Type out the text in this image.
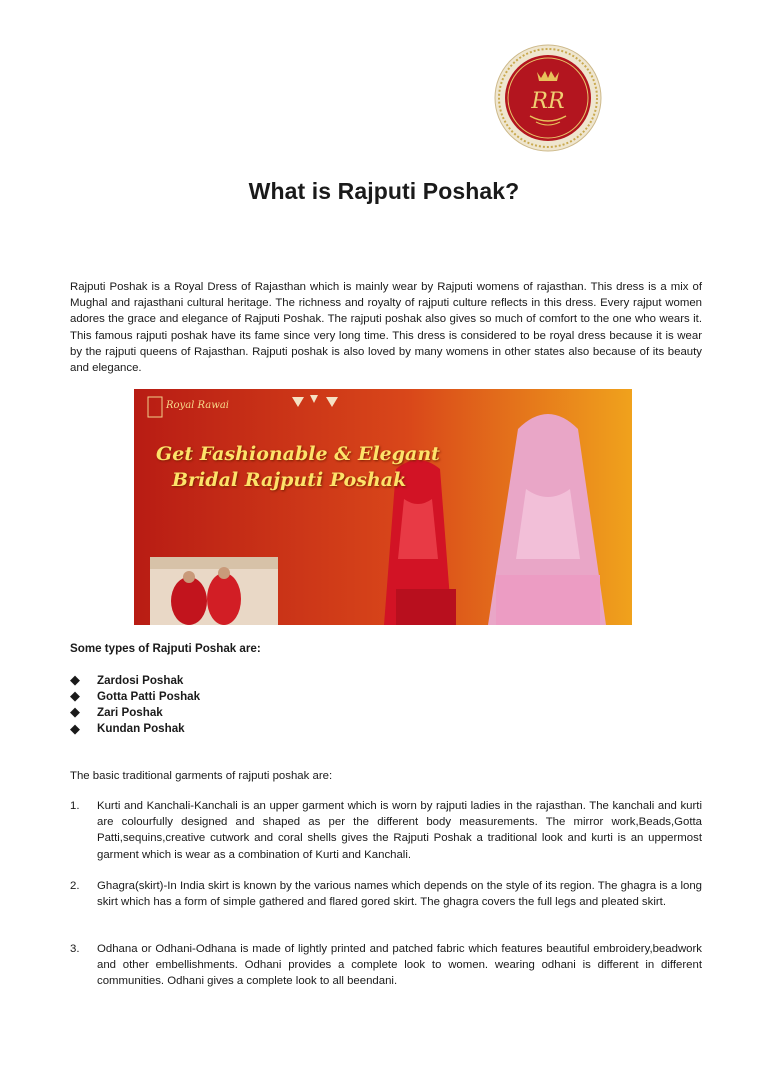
RR
What is Rajputi Poshak?

Rajputi Poshak is a Royal Dress of Rajasthan which is mainly wear by Rajputi womens of rajasthan. This dress is a mix of Mughal and rajasthani cultural heritage. The richness and royalty of rajputi culture reflects in this dress. Every rajput women adores the grace and elegance of Rajputi Poshak. The rajputi poshak also gives so much of comfort to the one who wears it. This famous rajputi poshak have its fame since very long time. This dress is considered to be royal dress because it is wear by the rajputi queens of Rajasthan. Rajputi poshak is also loved by many womens in other states also because of its beauty and elegance.

Royal Rawai
Get Fashionable & Elegant
Bridal Rajputi Poshak

Some types of Rajputi Poshak are:

◆	Zardosi Poshak
◆	Gotta Patti Poshak
◆	Zari Poshak
◆	Kundan Poshak

The basic traditional garments of rajputi poshak are:

1. Kurti and Kanchali-Kanchali is an upper garment which is worn by rajputi ladies in the rajasthan. The kanchali and kurti are colourfully designed and shaped as per the different body measurements. The mirror work,Beads,Gotta Patti,sequins,creative cutwork and coral shells gives the Rajputi Poshak a traditional look and kurti is an uppermost garment which is wear as a combination of Kurti and Kanchali.

2. Ghagra(skirt)-In India skirt is known by the various names which depends on the style of its region. The ghagra is a long skirt which has a form of simple gathered and flared gored skirt. The ghagra covers the full legs and pleated skirt.

3. Odhana or Odhani-Odhana is made of lightly printed and patched fabric which features beautiful embroidery,beadwork and other embellishments. Odhani provides a complete look to women. wearing odhani is different in different communities. Odhani gives a complete look to all beendani.
